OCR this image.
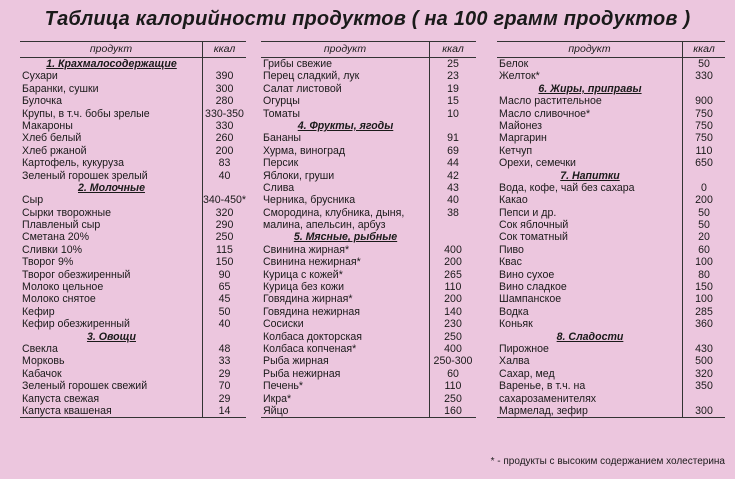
Таблица калорийности продуктов ( на 100 грамм продуктов )
продукт	ккал
1. Крахмалосодержащие
Сухари	390
Баранки, сушки	300
Булочка	280
Крупы, в т.ч. бобы зрелые	330-350
Макароны	330
Хлеб белый	260
Хлеб ржаной	200
Картофель, кукуруза	83
Зеленый горошек зрелый	40
2. Молочные
Сыр	340-450*
Сырки творожные	320
Плавленый сыр	290
Сметана 20%	250
Сливки 10%	115
Творог 9%	150
Творог обезжиренный	90
Молоко цельное	65
Молоко снятое	45
Кефир	50
Кефир обезжиренный	40
3. Овощи
Свекла	48
Морковь	33
Кабачок	29
Зеленый горошек свежий	70
Капуста свежая	29
Капуста квашеная	14
продукт	ккал
Грибы свежие	25
Перец сладкий, лук	23
Салат листовой	19
Огурцы	15
Томаты	10
4. Фрукты, ягоды
Бананы	91
Хурма, виноград	69
Персик	44
Яблоки, груши	42
Слива	43
Черника, брусника	40
Смородина, клубника, дыня,	38
малина, апельсин, арбуз
5. Мясные, рыбные
Свинина жирная*	400
Свинина нежирная*	200
Курица с кожей*	265
Курица без кожи	110
Говядина жирная*	200
Говядина нежирная	140
Сосиски	230
Колбаса докторская	250
Колбаса копченая*	400
Рыба жирная	250-300
Рыба нежирная	60
Печень*	110
Икра*	250
Яйцо	160
продукт	ккал
Белок	50
Желток*	330
6. Жиры, приправы
Масло растительное	900
Масло сливочное*	750
Майонез	750
Маргарин	750
Кетчуп	110
Орехи, семечки	650
7. Напитки
Вода, кофе, чай без сахара	0
Какао	200
Пепси и др.	50
Сок яблочный	50
Сок томатный	20
Пиво	60
Квас	100
Вино сухое	80
Вино сладкое	150
Шампанское	100
Водка	285
Коньяк	360
8. Сладости
Пирожное	430
Халва	500
Сахар, мед	320
Варенье, в т.ч. на	350
сахарозаменителях
Мармелад, зефир	300
* - продукты с высоким содержанием холестерина
